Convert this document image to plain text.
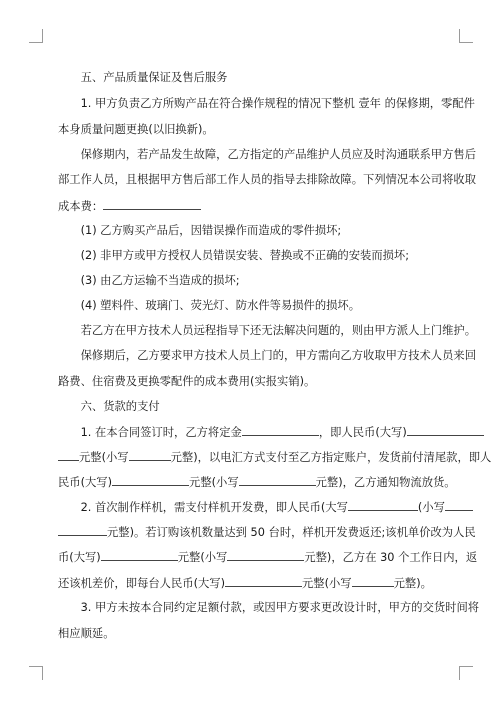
　　五、产品质量保证及售后服务
　　1. 甲方负责乙方所购产品在符合操作规程的情况下整机 壹年 的保修期，零配件
本身质量问题更换(以旧换新)。
　　保修期内，若产品发生故障，乙方指定的产品维护人员应及时沟通联系甲方售后
部工作人员，且根据甲方售后部工作人员的指导去排除故障。下列情况本公司将收取
成本费：
　　(1) 乙方购买产品后，因错误操作而造成的零件损坏;
　　(2) 非甲方或甲方授权人员错误安装、替换或不正确的安装而损坏;
　　(3) 由乙方运输不当造成的损坏;
　　(4) 塑料件、玻璃门、荧光灯、防水件等易损件的损坏。
　　若乙方在甲方技术人员远程指导下还无法解决问题的，则由甲方派人上门维护。
　　保修期后，乙方要求甲方技术人员上门的，甲方需向乙方收取甲方技术人员来回
路费、住宿费及更换零配件的成本费用(实报实销)。
　　六、货款的支付
　　1. 在本合同签订时，乙方将定金	，即人民币(大写)
元整(小写	元整)，以电汇方式支付至乙方指定账户，发货前付清尾款，即人
民币(大写)	元整(小写	元整)，乙方通知物流放货。
　　2. 首次制作样机，需支付样机开发费，即人民币(大写	(小写
元整)。若订购该机数量达到 50 台时，样机开发费返还;该机单价改为人民
币(大写)	元整(小写	元整)，乙方在 30 个工作日内，返
还该机差价，即每台人民币(大写)	元整(小写	元整)。
　　3. 甲方未按本合同约定足额付款，或因甲方要求更改设计时，甲方的交货时间将
相应顺延。
